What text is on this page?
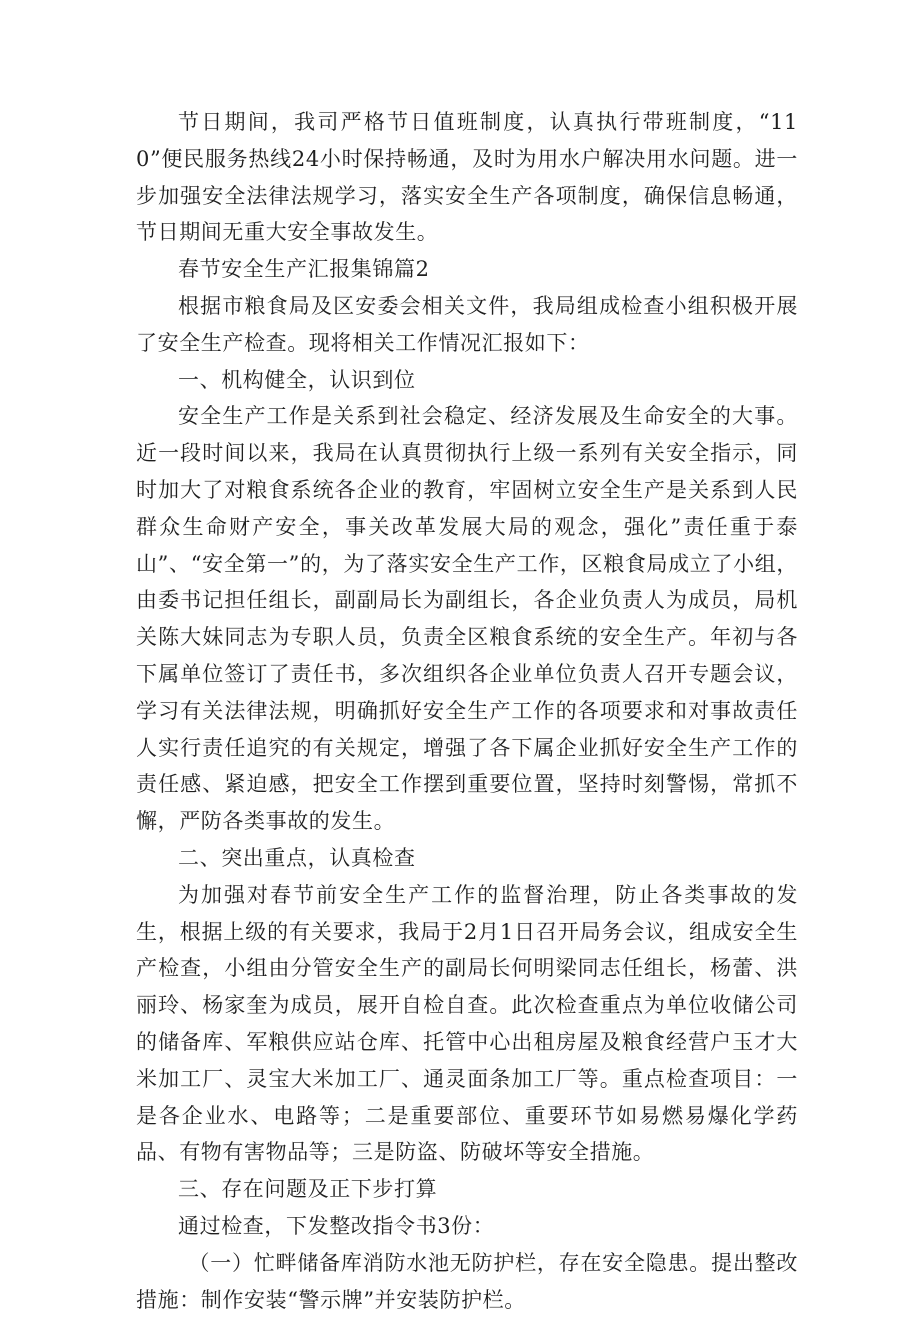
节日期间，我司严格节日值班制度，认真执行带班制度，“110”便民服务热线24小时保持畅通，及时为用水户解决用水问题。进一步加强安全法律法规学习，落实安全生产各项制度，确保信息畅通，节日期间无重大安全事故发生。

春节安全生产汇报集锦篇2

根据市粮食局及区安委会相关文件，我局组成检查小组积极开展了安全生产检查。现将相关工作情况汇报如下：

一、机构健全，认识到位

安全生产工作是关系到社会稳定、经济发展及生命安全的大事。近一段时间以来，我局在认真贯彻执行上级一系列有关安全指示，同时加大了对粮食系统各企业的教育，牢固树立安全生产是关系到人民群众生命财产安全，事关改革发展大局的观念，强化”责任重于泰山”、“安全第一”的，为了落实安全生产工作，区粮食局成立了小组，由委书记担任组长，副副局长为副组长，各企业负责人为成员，局机关陈大妹同志为专职人员，负责全区粮食系统的安全生产。年初与各下属单位签订了责任书，多次组织各企业单位负责人召开专题会议，学习有关法律法规，明确抓好安全生产工作的各项要求和对事故责任人实行责任追究的有关规定，增强了各下属企业抓好安全生产工作的责任感、紧迫感，把安全工作摆到重要位置，坚持时刻警惕，常抓不懈，严防各类事故的发生。

二、突出重点，认真检查

为加强对春节前安全生产工作的监督治理，防止各类事故的发生，根据上级的有关要求，我局于2月1日召开局务会议，组成安全生产检查，小组由分管安全生产的副局长何明梁同志任组长，杨蕾、洪丽玲、杨家奎为成员，展开自检自查。此次检查重点为单位收储公司的储备库、军粮供应站仓库、托管中心出租房屋及粮食经营户玉才大米加工厂、灵宝大米加工厂、通灵面条加工厂等。重点检查项目：一是各企业水、电路等；二是重要部位、重要环节如易燃易爆化学药品、有物有害物品等；三是防盗、防破坏等安全措施。

三、存在问题及正下步打算

通过检查，下发整改指令书3份：

（一）忙畔储备库消防水池无防护栏，存在安全隐患。提出整改措施：制作安装“警示牌”并安装防护栏。
